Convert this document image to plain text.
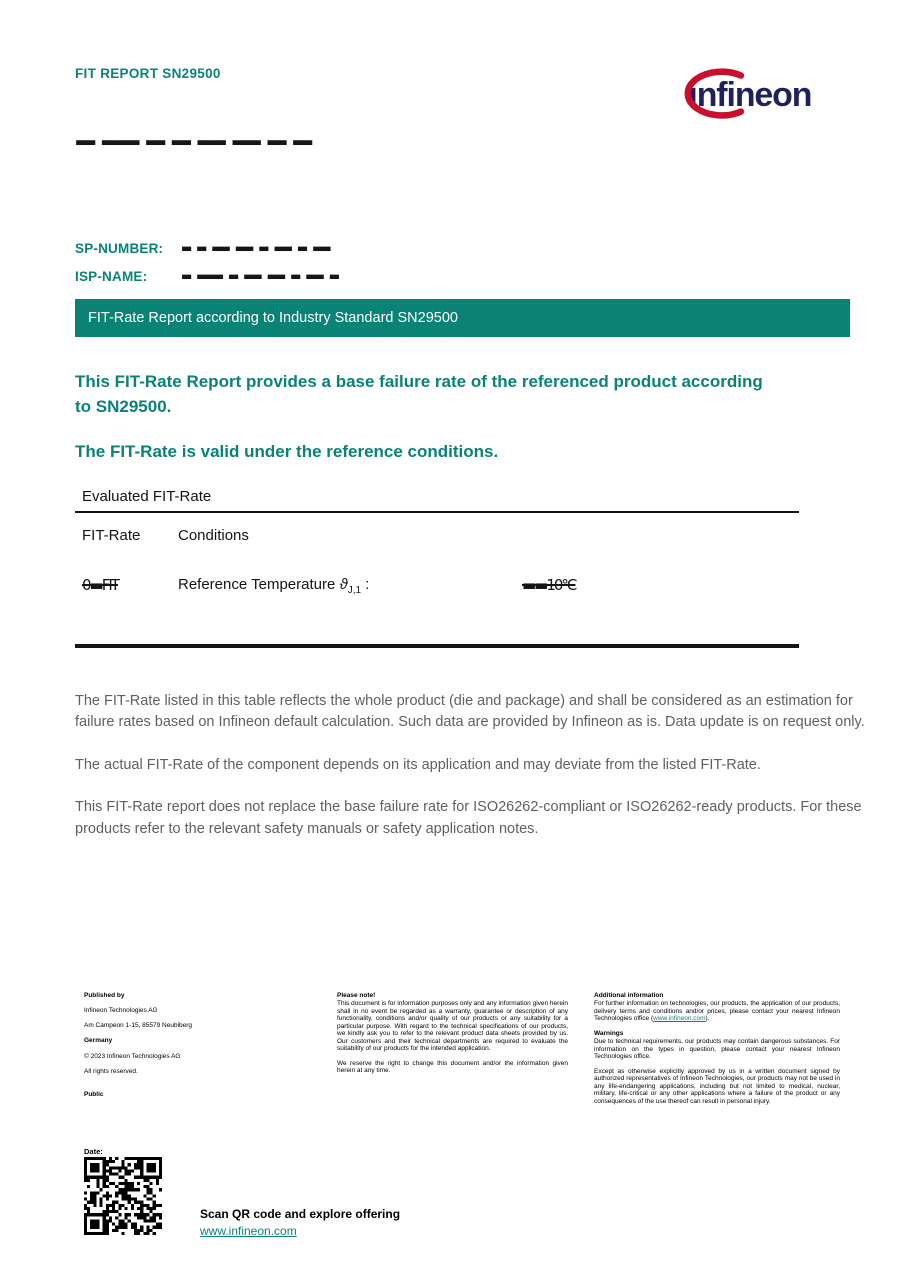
FIT REPORT SN29500
infineon
▬▬ ▬▬▬▬ ▬▬ ▬▬ ▬▬▬ ▬▬▬ ▬▬ ▬▬
SP-NUMBER:	▬ ▬ ▬▬ ▬▬ ▬ ▬▬ ▬ ▬▬
ISP-NAME:	▬ ▬▬▬ ▬ ▬▬ ▬▬ ▬ ▬▬ ▬
FIT-Rate Report according to Industry Standard SN29500
This FIT-Rate Report provides a base failure rate of the referenced product according to SN29500.
The FIT-Rate is valid under the reference conditions.
Evaluated FIT-Rate
FIT-Rate	Conditions
0▬FIT	Reference Temperature $ϑ_{J,1}$ :	▬▬10°C

The FIT-Rate listed in this table reflects the whole product (die and package) and shall be considered as an estimation for failure rates based on Infineon default calculation. Such data are provided by Infineon as is. Data update is on request only.

The actual FIT-Rate of the component depends on its application and may deviate from the listed FIT-Rate.

This FIT-Rate report does not replace the base failure rate for ISO26262-compliant or ISO26262-ready products. For these products refer to the relevant safety manuals or safety application notes.

Published by
Infineon Technologies AG
Am Campeon 1-15, 85579 Neubiberg
Germany
© 2023 Infineon Technologies AG
All rights reserved.
Public
Please note!
This document is for information purposes only and any information given herein shall in no event be regarded as a warranty, guarantee or description of any functionality, conditions and/or quality of our products or any suitability for a particular purpose. With regard to the technical specifications of our products, we kindly ask you to refer to the relevant product data sheets provided by us. Our customers and their technical departments are required to evaluate the suitability of our products for the intended application.
We reserve the right to change this document and/or the information given herein at any time.
Additional information
For further information on technologies, our products, the application of our products, delivery terms and conditions and/or prices, please contact your nearest Infineon Technologies office (www.infineon.com).
Warnings
Due to technical requirements, our products may contain dangerous substances. For information on the types in question, please contact your nearest Infineon Technologies office.
Except as otherwise explicitly approved by us in a written document signed by authorized representatives of Infineon Technologies, our products may not be used in any life-endangering applications, including but not limited to medical, nuclear, military, life-critical or any other applications where a failure of the product or any consequences of the use thereof can result in personal injury.
Date:
Scan QR code and explore offering
www.infineon.com
